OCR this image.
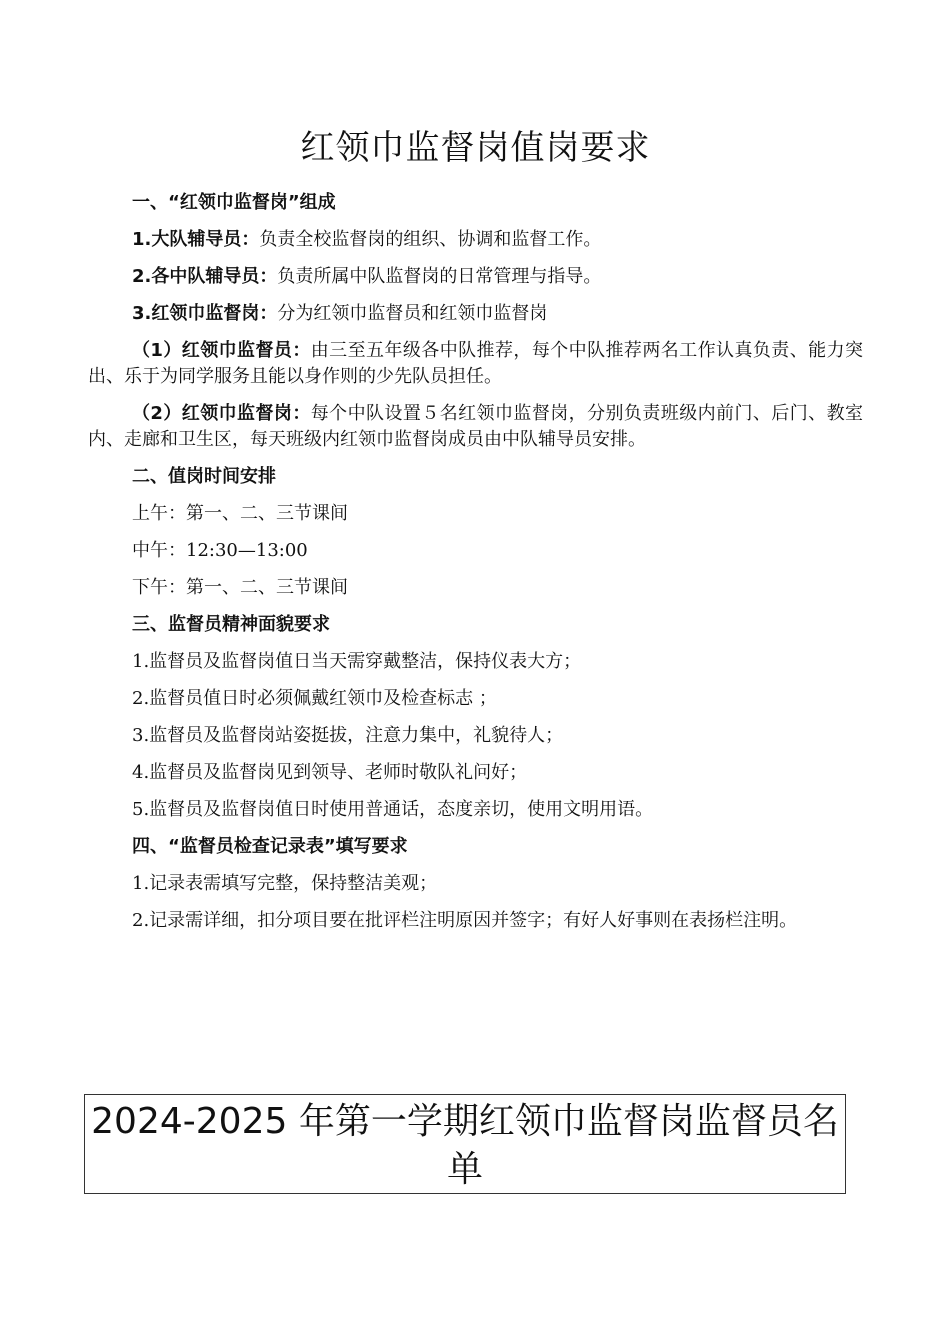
红领巾监督岗值岗要求
一、“红领巾监督岗”组成
1.大队辅导员：负责全校监督岗的组织、协调和监督工作。
2.各中队辅导员：负责所属中队监督岗的日常管理与指导。
3.红领巾监督岗：分为红领巾监督员和红领巾监督岗

（1）红领巾监督员：由三至五年级各中队推荐，每个中队推荐两名工作认真负责、能力突出、乐于为同学服务且能以身作则的少先队员担任。

（2）红领巾监督岗：每个中队设置５名红领巾监督岗，分别负责班级内前门、后门、教室内、走廊和卫生区，每天班级内红领巾监督岗成员由中队辅导员安排。

二、值岗时间安排
上午：第一、二、三节课间
中午：12:30—13:00
下午：第一、二、三节课间
三、监督员精神面貌要求
1.监督员及监督岗值日当天需穿戴整洁，保持仪表大方；
2.监督员值日时必须佩戴红领巾及检查标志 ；
3.监督员及监督岗站姿挺拔，注意力集中，礼貌待人；
4.监督员及监督岗见到领导、老师时敬队礼问好；
5.监督员及监督岗值日时使用普通话，态度亲切，使用文明用语。
四、“监督员检查记录表”填写要求
1.记录表需填写完整，保持整洁美观；

2.记录需详细，扣分项目要在批评栏注明原因并签字；有好人好事则在表扬栏注明。

2024-2025 年第一学期红领巾监督岗监督员名单
